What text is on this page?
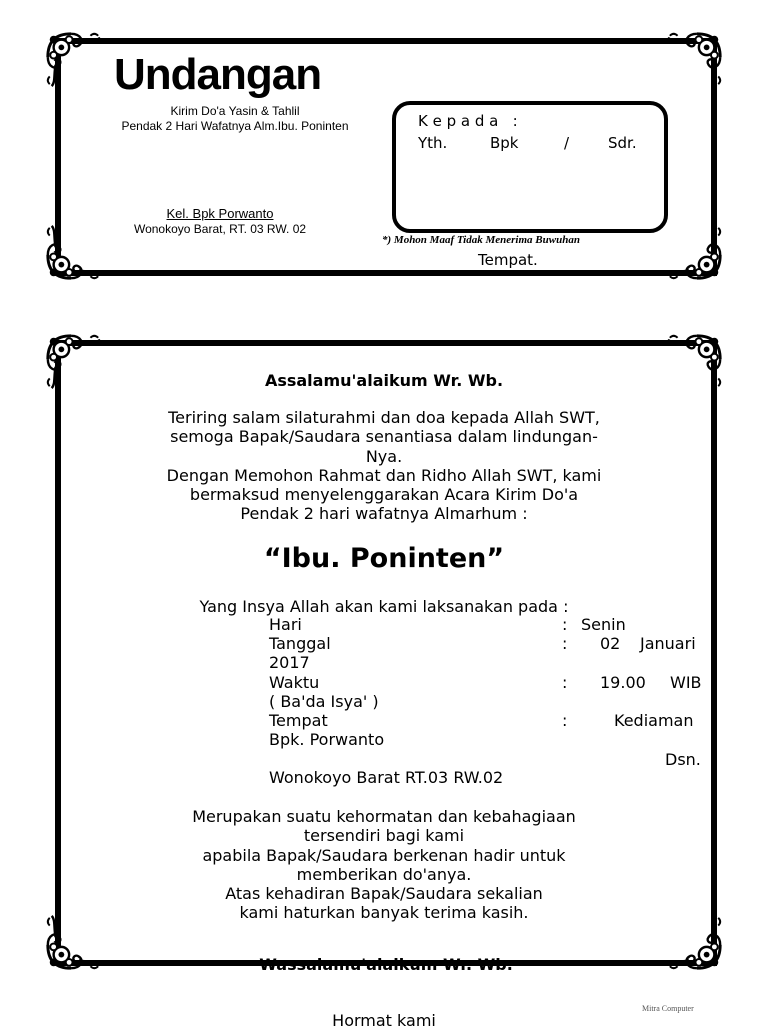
Undangan
Kirim Do'a Yasin & Tahlil
Pendak 2 Hari Wafatnya Alm.Ibu. Poninten
Kel. Bpk Porwanto
Wonokoyo Barat, RT. 03 RW. 02
K e p a d a   :
Yth.	Bpk	/	Sdr.
*) Mohon Maaf Tidak Menerima Buwuhan
Tempat.
Assalamu'alaikum Wr. Wb.
Teriring salam silaturahmi dan doa kepada Allah SWT,
semoga Bapak/Saudara senantiasa dalam lindungan-
Nya.
Dengan Memohon Rahmat dan Ridho Allah SWT, kami
bermaksud menyelenggarakan Acara Kirim Do'a
Pendak 2 hari wafatnya Almarhum :
“Ibu. Poninten”
Yang Insya Allah akan kami laksanakan pada :
Hari	: Senin
Tanggal	: 02 Januari
2017
Waktu	: 19.00 WIB
( Ba'da Isya' )
Tempat	:	Kediaman
Bpk. Porwanto
Dsn.
Wonokoyo Barat RT.03 RW.02
Merupakan suatu kehormatan dan kebahagiaan
tersendiri bagi kami
apabila Bapak/Saudara berkenan hadir untuk
memberikan do'anya.
Atas kehadiran Bapak/Saudara sekalian
kami haturkan banyak terima kasih.
Wassalamu'alaikum Wr. Wb.
Hormat kami
Mitra Computer
